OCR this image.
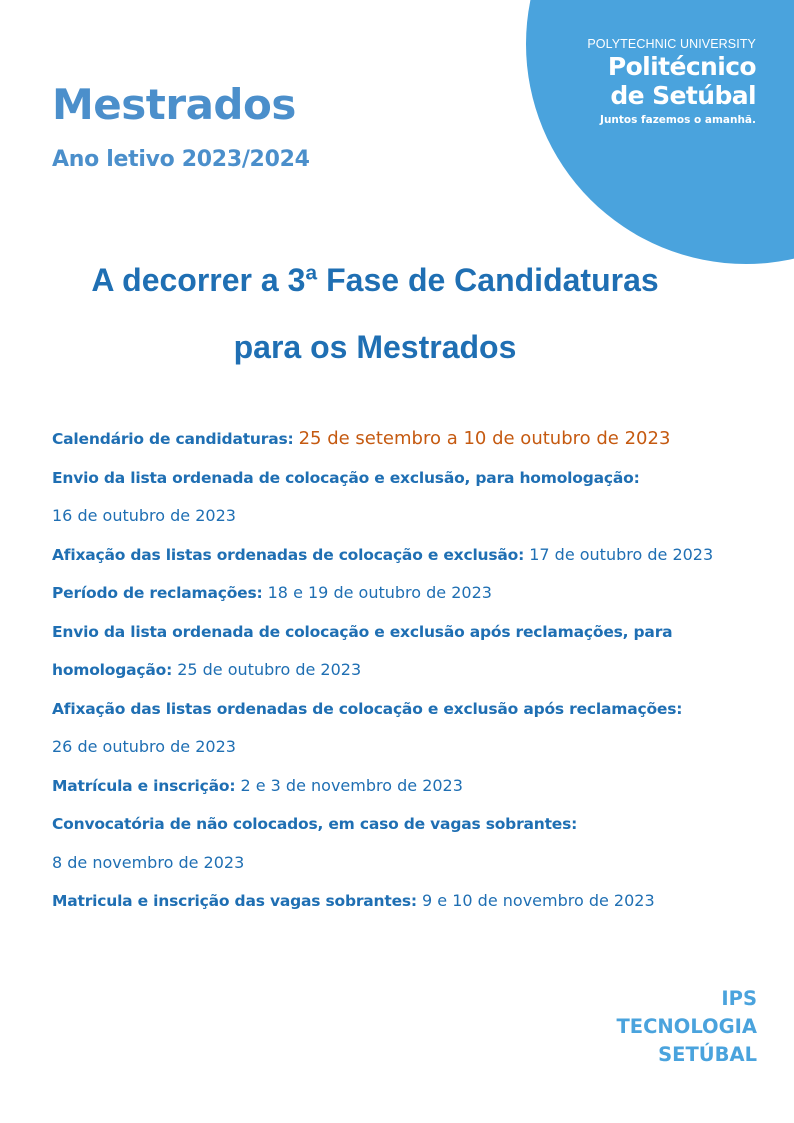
POLYTECHNIC UNIVERSITY
Politécnico
de Setúbal
Juntos fazemos o amanhã.
Mestrados
Ano letivo 2023/2024
A decorrer a 3ª Fase de Candidaturas
para os Mestrados
Calendário de candidaturas: 25 de setembro a 10 de outubro de 2023
Envio da lista ordenada de colocação e exclusão, para homologação:
16 de outubro de 2023
Afixação das listas ordenadas de colocação e exclusão: 17 de outubro de 2023
Período de reclamações: 18 e 19 de outubro de 2023
Envio da lista ordenada de colocação e exclusão após reclamações, para
homologação: 25 de outubro de 2023
Afixação das listas ordenadas de colocação e exclusão após reclamações:
26 de outubro de 2023
Matrícula e inscrição: 2 e 3 de novembro de 2023
Convocatória de não colocados, em caso de vagas sobrantes:
8 de novembro de 2023
Matricula e inscrição das vagas sobrantes: 9 e 10 de novembro de 2023
IPS
TECNOLOGIA
SETÚBAL
